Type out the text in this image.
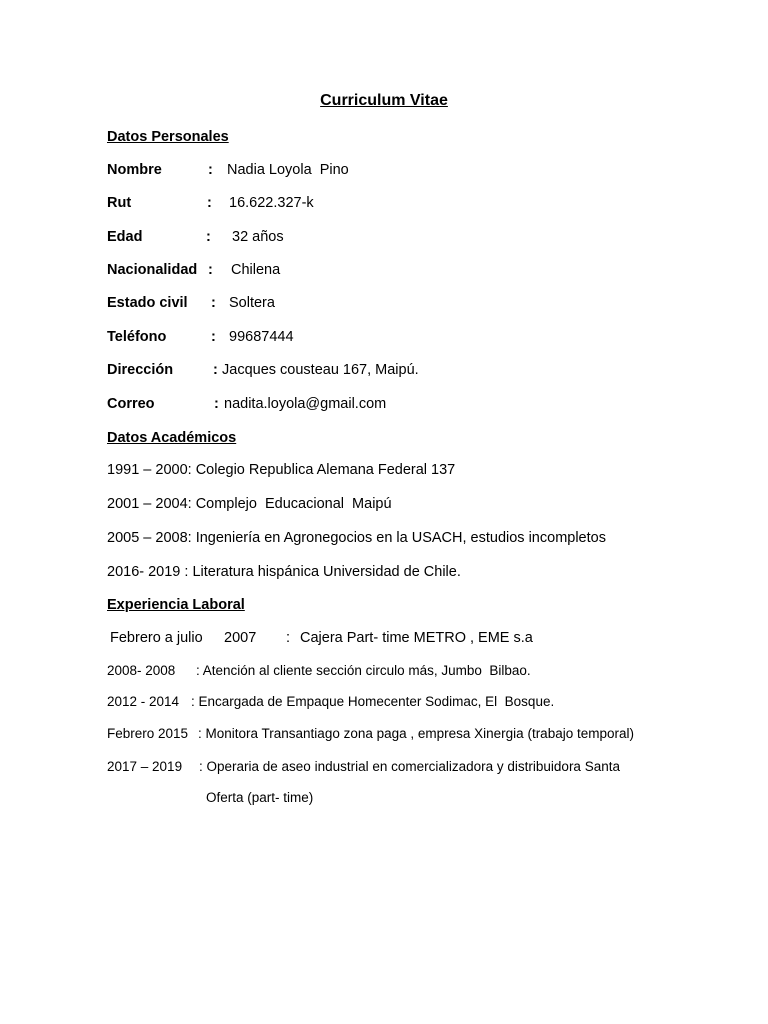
Curriculum Vitae
Datos Personales
Nombre	: Nadia Loyola  Pino
Rut	: 16.622.327-k
Edad	: 32 años
Nacionalidad : Chilena
Estado civil : Soltera
Teléfono	: 99687444
Dirección	: Jacques cousteau 167, Maipú.
Correo	: nadita.loyola@gmail.com
Datos Académicos
1991 – 2000: Colegio Republica Alemana Federal 137
2001 – 2004: Complejo  Educacional  Maipú
2005 – 2008: Ingeniería en Agronegocios en la USACH, estudios incompletos
2016- 2019 : Literatura hispánica Universidad de Chile.
Experiencia Laboral
Febrero a julio 2007 : Cajera Part- time METRO , EME s.a
2008- 2008 : Atención al cliente sección circulo más, Jumbo  Bilbao.
2012 - 2014 : Encargada de Empaque Homecenter Sodimac, El  Bosque.
Febrero 2015 : Monitora Transantiago zona paga , empresa Xinergia (trabajo temporal)
2017 – 2019 : Operaria de aseo industrial en comercializadora y distribuidora Santa
Oferta (part- time)
